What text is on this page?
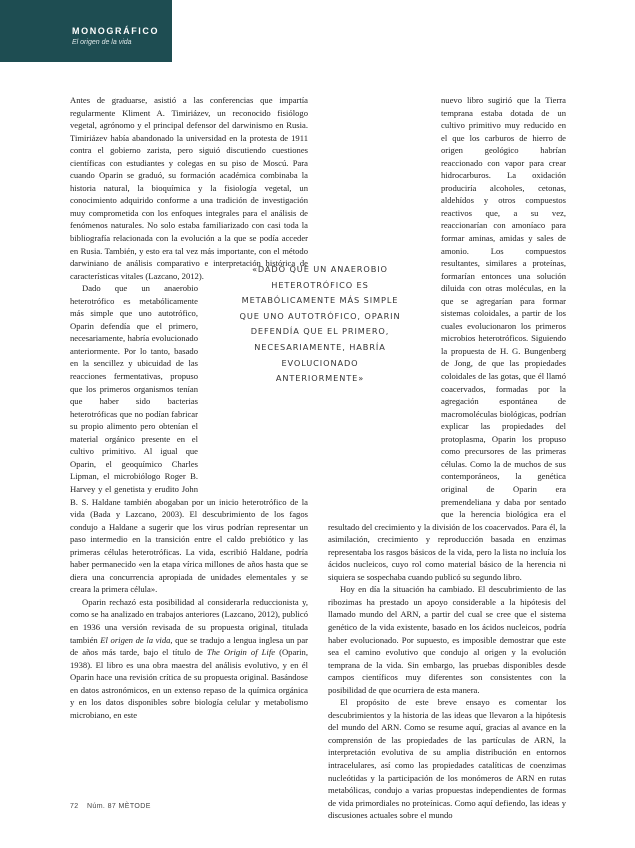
MONOGRÁFICO
El origen de la vida

Antes de graduarse, asistió a las conferencias que impartía regularmente Kliment A. Timiriázev, un reconocido fisiólogo vegetal, agrónomo y el principal defensor del darwinismo en Rusia. Timiriázev había abandonado la universidad en la protesta de 1911 contra el gobierno zarista, pero siguió discutiendo cuestiones científicas con estudiantes y colegas en su piso de Moscú. Para cuando Oparin se graduó, su formación académica combinaba la historia natural, la bioquímica y la fisiología vegetal, un conocimiento adquirido conforme a una tradición de investigación muy comprometida con los enfoques integrales para el análisis de fenómenos naturales. No solo estaba familiarizado con casi toda la bibliografía relacionada con la evolución a la que se podía acceder en Rusia. También, y esto era tal vez más importante, con el método darwiniano de análisis comparativo e interpretación histórica de características vitales (Lazcano, 2012).

Dado que un anaerobio heterotrófico es metabólicamente más simple que uno autotrófico, Oparin defendía que el primero, necesariamente, habría evolucionado anteriormente. Por lo tanto, basado en la sencillez y ubicuidad de las reacciones fermentativas, propuso que los primeros organismos tenían que haber sido bacterias heterotróficas que no podían fabricar su propio alimento pero obtenían el material orgánico presente en el cultivo primitivo. Al igual que Oparin, el geoquímico Charles Lipman, el microbiólogo Roger B. Harvey y el genetista y erudito John B. S. Haldane también abogaban por un inicio heterotrófico de la vida (Bada y Lazcano, 2003). El descubrimiento de los fagos condujo a Haldane a sugerir que los virus podrían representar un paso intermedio en la transición entre el caldo prebiótico y las primeras células heterotróficas. La vida, escribió Haldane, podría haber permanecido «en la etapa vírica millones de años hasta que se diera una concurrencia apropiada de unidades elementales y se creara la primera célula».

Oparin rechazó esta posibilidad al considerarla reduccionista y, como se ha analizado en trabajos anteriores (Lazcano, 2012), publicó en 1936 una versión revisada de su propuesta original, titulada también El origen de la vida, que se tradujo a lengua inglesa un par de años más tarde, bajo el título de The Origin of Life (Oparin, 1938). El libro es una obra maestra del análisis evolutivo, y en él Oparin hace una revisión crítica de su propuesta original. Basándose en datos astronómicos, en un extenso repaso de la química orgánica y en los datos disponibles sobre biología celular y metabolismo microbiano, en este

nuevo libro sugirió que la Tierra temprana estaba dotada de un cultivo primitivo muy reducido en el que los carburos de hierro de origen geológico habrían reaccionado con vapor para crear hidrocarburos. La oxidación produciría alcoholes, cetonas, aldehídos y otros compuestos reactivos que, a su vez, reaccionarían con amoníaco para formar aminas, amidas y sales de amonio. Los compuestos resultantes, similares a proteínas, formarían entonces una solución diluida con otras moléculas, en la que se agregarían para formar sistemas coloidales, a partir de los cuales evolucionaron los primeros microbios heterotróficos. Siguiendo la propuesta de H. G. Bungenberg de Jong, de que las propiedades coloidales de las gotas, que él llamó coacervados, formadas por la agregación espontánea de macromoléculas biológicas, podrían explicar las propiedades del protoplasma, Oparin los propuso como precursores de las primeras células. Como la de muchos de sus contemporáneos, la genética original de Oparin era premendeliana y daba por sentado que la herencia biológica era el resultado del crecimiento y la división de los coacervados. Para él, la asimilación, crecimiento y reproducción basada en enzimas representaba los rasgos básicos de la vida, pero la lista no incluía los ácidos nucleicos, cuyo rol como material básico de la herencia ni siquiera se sospechaba cuando publicó su segundo libro.

Hoy en día la situación ha cambiado. El descubrimiento de las ribozimas ha prestado un apoyo considerable a la hipótesis del llamado mundo del ARN, a partir del cual se cree que el sistema genético de la vida existente, basado en los ácidos nucleicos, podría haber evolucionado. Por supuesto, es imposible demostrar que este sea el camino evolutivo que condujo al origen y la evolución temprana de la vida. Sin embargo, las pruebas disponibles desde campos científicos muy diferentes son consistentes con la posibilidad de que ocurriera de esta manera.

El propósito de este breve ensayo es comentar los descubrimientos y la historia de las ideas que llevaron a la hipótesis del mundo del ARN. Como se resume aquí, gracias al avance en la comprensión de las propiedades de las partículas de ARN, la interpretación evolutiva de su amplia distribución en entornos intracelulares, así como las propiedades catalíticas de coenzimas nucleótidas y la participación de los monómeros de ARN en rutas metabólicas, condujo a varias propuestas independientes de formas de vida primordiales no proteínicas. Como aquí defiendo, las ideas y discusiones actuales sobre el mundo

«DADO QUE UN ANAEROBIO HETEROTRÓFICO ES METABÓLICAMENTE MÁS SIMPLE QUE UNO AUTOTRÓFICO, OPARIN DEFENDÍA QUE EL PRIMERO, NECESARIAMENTE, HABRÍA EVOLUCIONADO ANTERIORMENTE»
72 Núm. 87 MÈTODE
